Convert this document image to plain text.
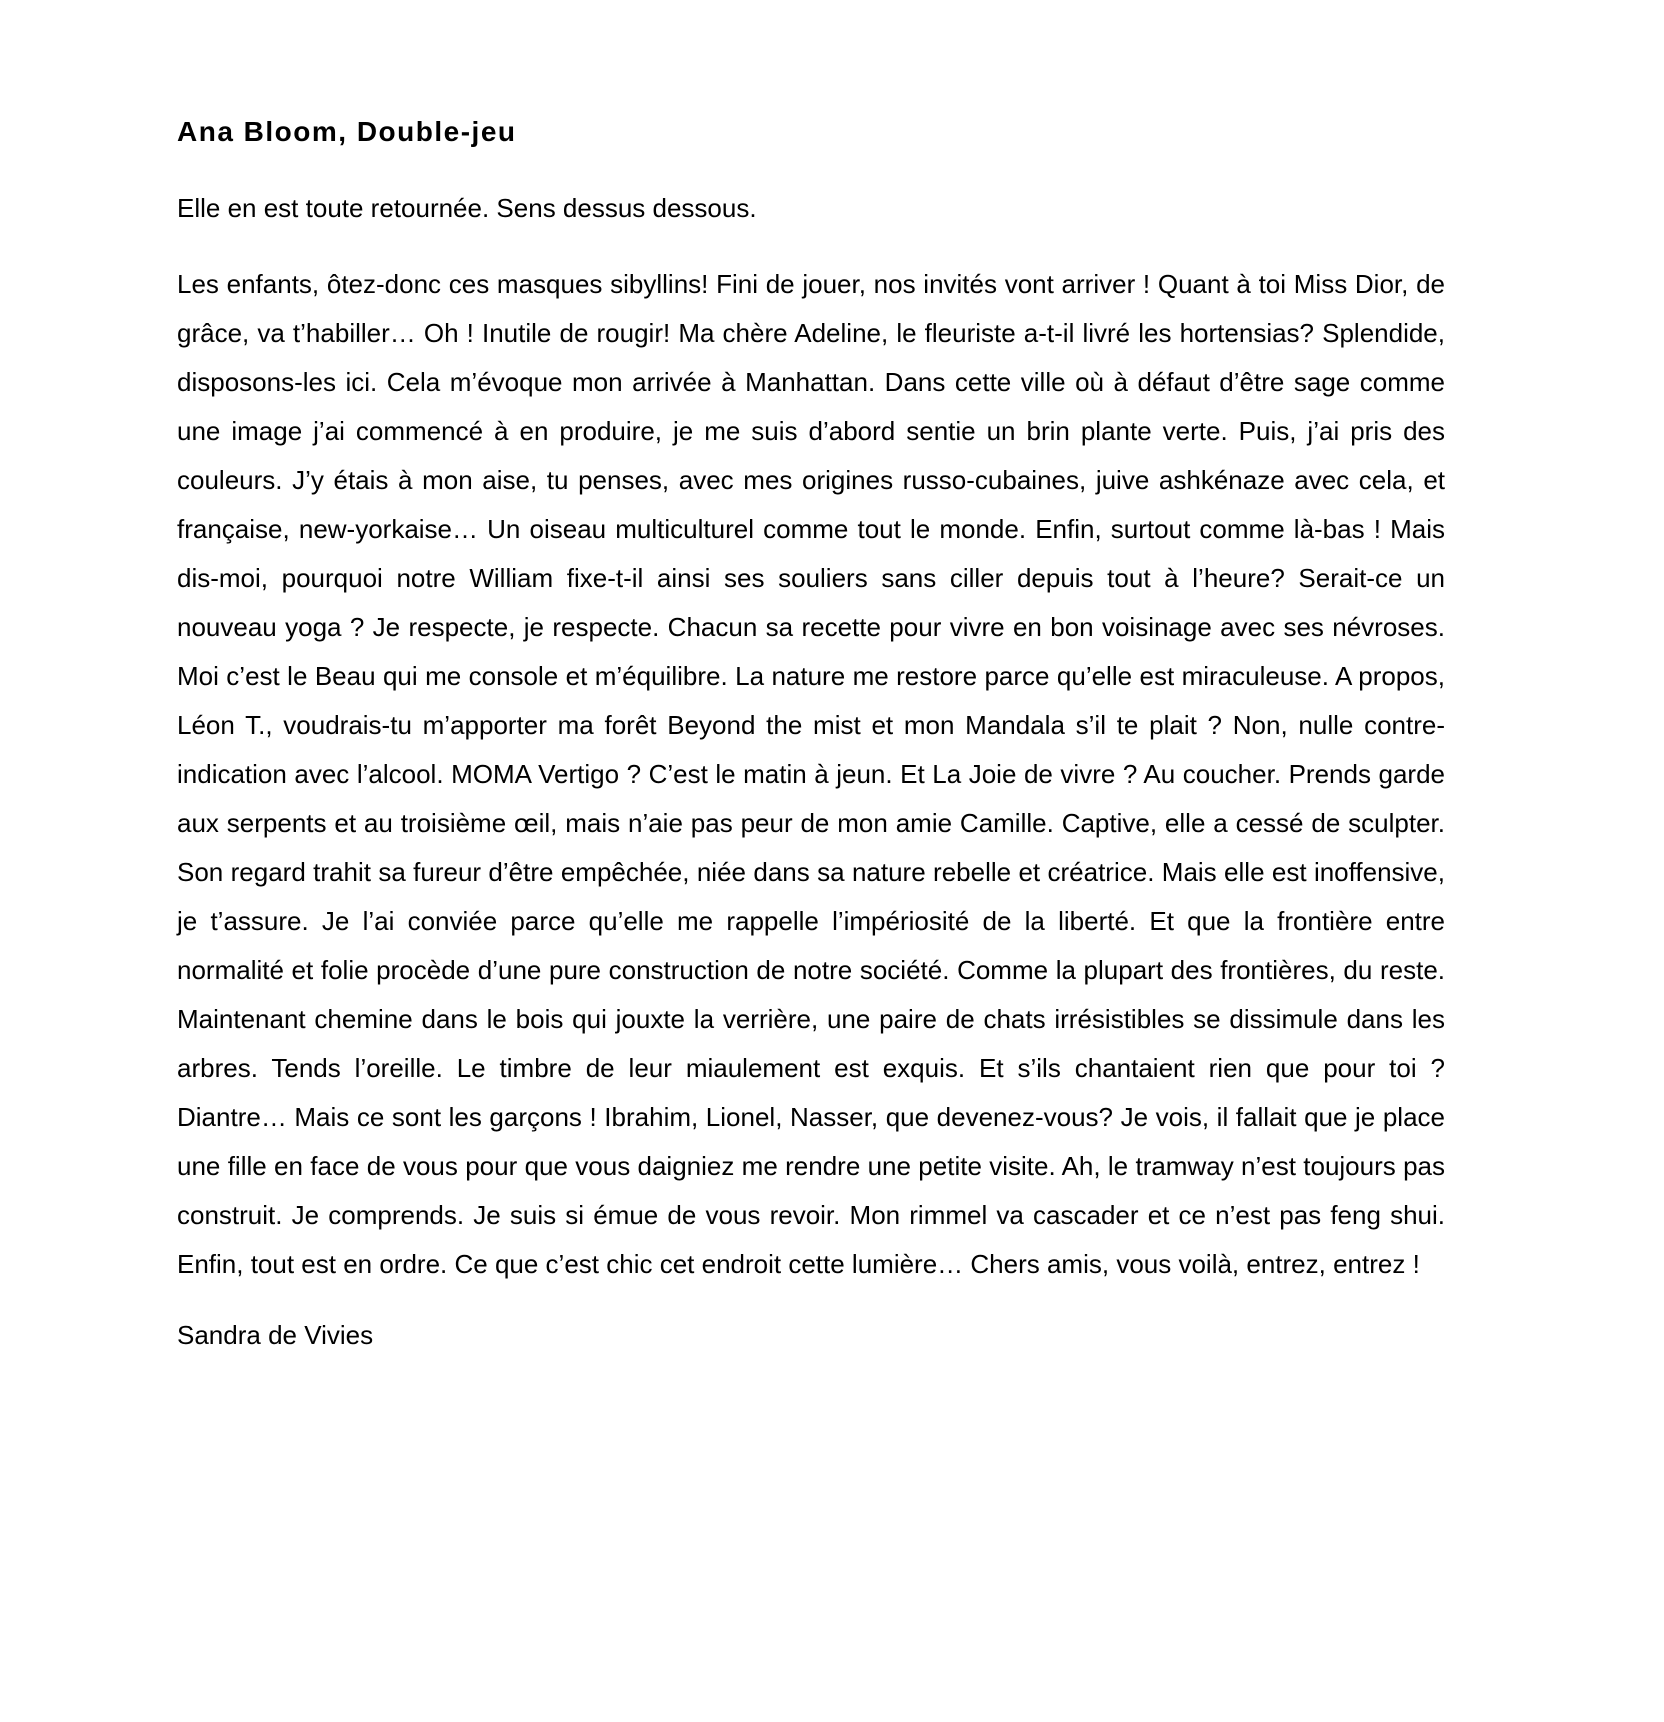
Ana Bloom, Double-jeu

Elle en est toute retournée. Sens dessus dessous.

Les enfants, ôtez-donc ces masques sibyllins! Fini de jouer, nos invités vont arriver ! Quant à toi Miss Dior, de grâce, va t’habiller… Oh ! Inutile de rougir! Ma chère Adeline, le fleuriste a-t-il livré les hortensias? Splendide, disposons-les ici. Cela m’évoque mon arrivée à Manhattan. Dans cette ville où à défaut d’être sage comme une image j’ai commencé à en produire, je me suis d’abord sentie un brin plante verte. Puis, j’ai pris des couleurs. J’y étais à mon aise, tu penses, avec mes origines russo-cubaines, juive ashkénaze avec cela, et française, new-yorkaise… Un oiseau multiculturel comme tout le monde. Enfin, surtout comme là-bas ! Mais dis-moi, pourquoi notre William fixe-t-il ainsi ses souliers sans ciller depuis tout à l’heure? Serait-ce un nouveau yoga ? Je respecte, je respecte. Chacun sa recette pour vivre en bon voisinage avec ses névroses. Moi c’est le Beau qui me console et m’équilibre. La nature me restore parce qu’elle est miraculeuse. A propos, Léon T., voudrais-tu m’apporter ma forêt Beyond the mist et mon Mandala s’il te plait ? Non, nulle contre-indication avec l’alcool. MOMA Vertigo ? C’est le matin à jeun. Et La Joie de vivre ? Au coucher. Prends garde aux serpents et au troisième œil, mais n’aie pas peur de mon amie Camille. Captive, elle a cessé de sculpter. Son regard trahit sa fureur d’être empêchée, niée dans sa nature rebelle et créatrice. Mais elle est inoffensive, je t’assure. Je l’ai conviée parce qu’elle me rappelle l’impériosité de la liberté. Et que la frontière entre normalité et folie procède d’une pure construction de notre société. Comme la plupart des frontières, du reste. Maintenant chemine dans le bois qui jouxte la verrière, une paire de chats irrésistibles se dissimule dans les arbres. Tends l’oreille. Le timbre de leur miaulement est exquis. Et s’ils chantaient rien que pour toi ? Diantre… Mais ce sont les garçons ! Ibrahim, Lionel, Nasser, que devenez-vous? Je vois, il fallait que je place une fille en face de vous pour que vous daigniez me rendre une petite visite. Ah, le tramway n’est toujours pas construit. Je comprends. Je suis si émue de vous revoir. Mon rimmel va cascader et ce n’est pas feng shui. Enfin, tout est en ordre. Ce que c’est chic cet endroit cette lumière… Chers amis, vous voilà, entrez, entrez !

Sandra de Vivies
